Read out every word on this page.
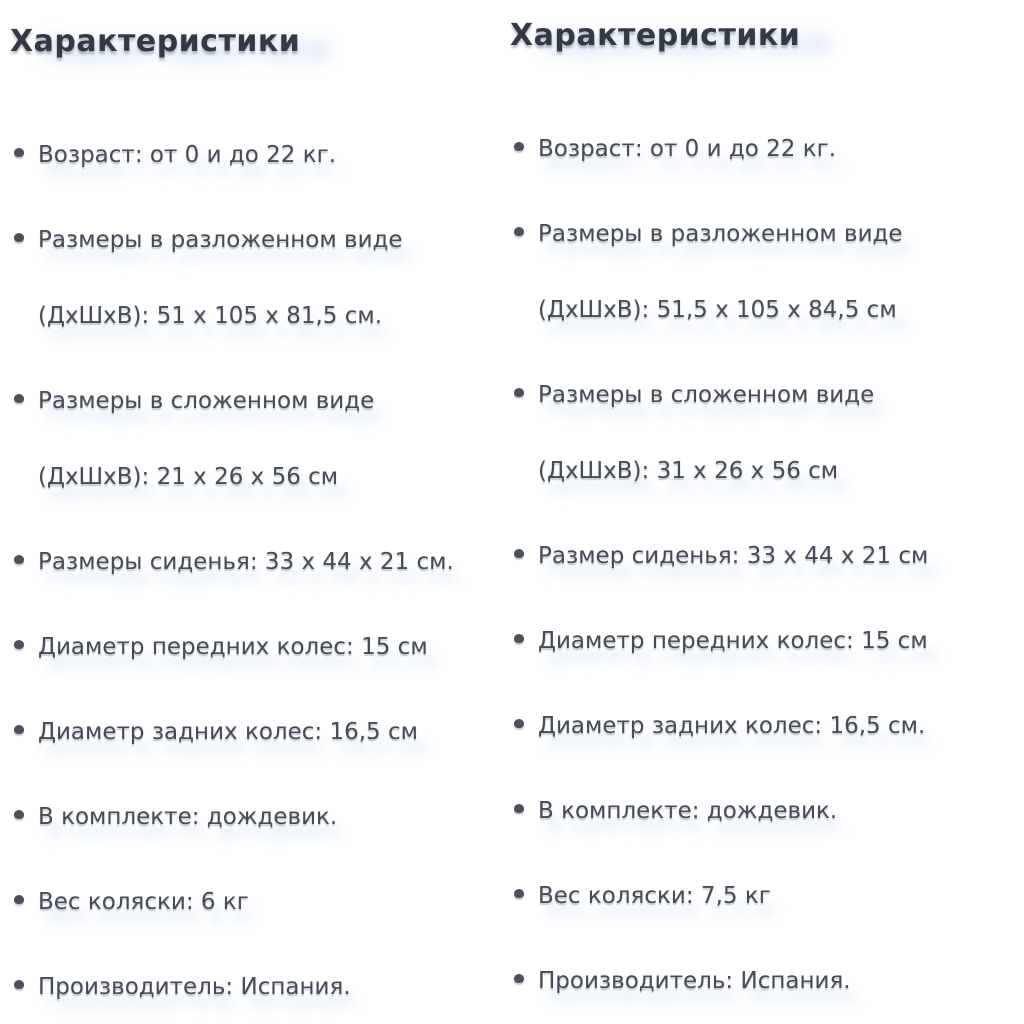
Характеристики
Возраст: от 0 и до 22 кг.
Размеры в разложенном виде (ДхШхВ): 51 х 105 х 81,5 см.
Размеры в сложенном виде (ДхШхВ): 21 х 26 х 56 см
Размеры сиденья: 33 х 44 х 21 см.
Диаметр передних колес: 15 см
Диаметр задних колес: 16,5 см
В комплекте: дождевик.
Вес коляски: 6 кг
Производитель: Испания.
Характеристики
Возраст: от 0 и до 22 кг.
Размеры в разложенном виде (ДхШхВ): 51,5 х 105 х 84,5 см
Размеры в сложенном виде (ДхШхВ): 31 х 26 х 56 см
Размер сиденья: 33 х 44 х 21 см
Диаметр передних колес: 15 см
Диаметр задних колес: 16,5 см.
В комплекте: дождевик.
Вес коляски: 7,5 кг
Производитель: Испания.
